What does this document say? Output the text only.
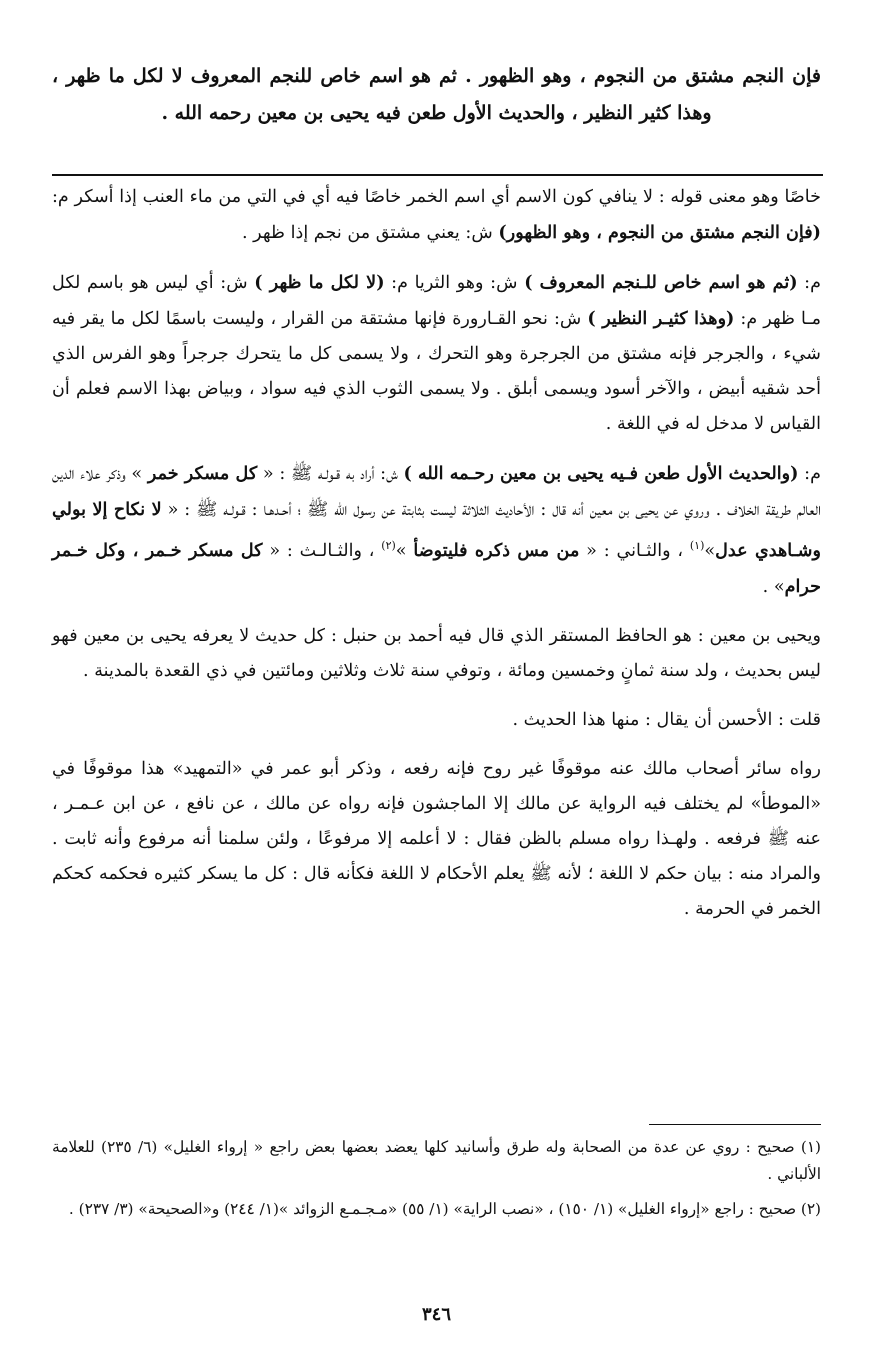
فإن النجم مشتق من النجوم ، وهو الظهور . ثم هو اسم خاص للنجم المعروف لا لكل ما ظهر ، وهذا كثير النظير ، والحديث الأول طعن فيه يحيى بن معين رحمه الله .

خاصًا وهو معنى قوله : لا ينافي كون الاسم أي اسم الخمر خاصًا فيه أي في التي من ماء العنب إذا أسكر م: (فإن النجم مشتق من النجوم ، وهو الظهور) ش: يعني مشتق من نجم إذا ظهر .

م: (ثم هو اسم خاص للـنجم المعروف ) ش: وهو الثريا م: (لا لكل ما ظهر ) ش: أي ليس هو باسم لكل مـا ظهر م: (وهذا كثيـر النظير ) ش: نحو القـارورة فإنها مشتقة من القرار ، وليست باسمًا لكل ما يقر فيه شيء ، والجرجر فإنه مشتق من الجرجرة وهو التحرك ، ولا يسمى كل ما يتحرك جرجراً وهو الفرس الذي أحد شقيه أبيض ، والآخر أسود ويسمى أبلق . ولا يسمى الثوب الذي فيه سواد ، وبياض بهذا الاسم فعلم أن القياس لا مدخل له في اللغة .

م: (والحديث الأول طعن فـيه يحيى بن معين رحـمه الله ) ش: أراد به قـولـه ﷺ : « كل مسكر خمر » وذكر علاء الدين العالم طريقة الخلاف . وروي عن يحيى بن معين أنه قال : الأحاديث الثلاثة ليست بثابتة عن رسول الله ﷺ ؛ أحـدهـا : قـولـه ﷺ : « لا نكاح إلا بولي وشـاهدي عدل»$^{(١)}$ ، والثـاني : « من مس ذكره فليتوضأ »$^{(٢)}$ ، والثـالـث : « كل مسكر خـمر ، وكل خـمر حرام» .

ويحيى بن معين : هو الحافظ المستقر الذي قال فيه أحمد بن حنبل : كل حديث لا يعرفه يحيى بن معين فهو ليس بحديث ، ولد سنة ثمانٍ وخمسين ومائة ، وتوفي سنة ثلاث وثلاثين ومائتين في ذي القعدة بالمدينة .

قلت : الأحسن أن يقال : منها هذا الحديث .

رواه سائر أصحاب مالك عنه موقوفًا غير روح فإنه رفعه ، وذكر أبو عمر في «التمهيد» هذا موقوفًا في «الموطأ» لم يختلف فيه الرواية عن مالك إلا الماجشون فإنه رواه عن مالك ، عن نافع ، عن ابن عـمـر ، عنه ﷺ فرفعه . ولهـذا رواه مسلم بالظن فقال : لا أعلمه إلا مرفوعًا ، ولئن سلمنا أنه مرفوع وأنه ثابت . والمراد منه : بيان حكم لا اللغة ؛ لأنه ﷺ يعلم الأحكام لا اللغة فكأنه قال : كل ما يسكر كثيره فحكمه كحكم الخمر في الحرمة .

(١) صحيح : روي عن عدة من الصحابة وله طرق وأسانيد كلها يعضد بعضها بعض راجع « إرواء الغليل» (٦/ ٢٣٥) للعلامة الألباني .

(٢) صحيح : راجع «إرواء الغليل» (١/ ١٥٠) ، «نصب الراية» (١/ ٥٥) «مـجـمـع الزوائد »(١/ ٢٤٤) و«الصحيحة» (٣/ ٢٣٧) .

٣٤٦
